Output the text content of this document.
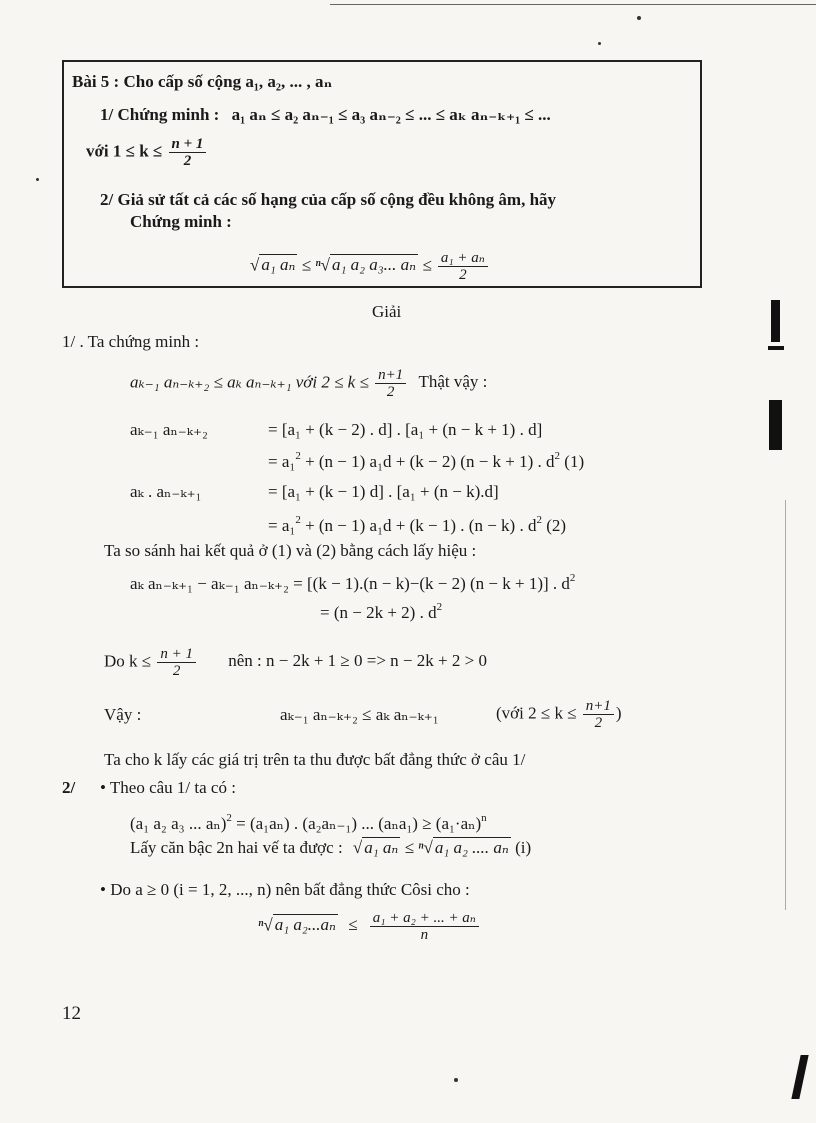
Bài 5 : Cho cấp số cộng a₁, a₂, ... , aₙ
1/ Chứng minh : a₁ aₙ ≤ a₂ aₙ₋₁ ≤ a₃ aₙ₋₂ ≤ ... ≤ aₖ aₙ₋ₖ₊₁ ≤ ...
với $1 \le k \le \frac{n + 1}{2}$
2/ Giả sử tất cả các số hạng của cấp số cộng đều không âm, hãy
Chứng minh :
√ a₁ aₙ ≤ ⁿ√ a₁ a₂ a₃... $a_n \le \frac{\text{a₁ + aₙ}}{2}$
Giải
1/ . Ta chứng minh :
aₖ₋₁ aₙ₋ₖ₊₂ ≤ aₖ aₙ₋ₖ₊₁ với $2 \le k \le \frac{n+1}{2}$ Thật vậy :
aₖ₋₁ aₙ₋ₖ₊₂	= [a₁ + (k − 2) . d] . [a₁ + (n − k + 1) . d]
= a₁$^2$ + (n − 1) a₁d + (k − 2) (n − k + 1) . $d^2$ (1)
aₖ . aₙ₋ₖ₊₁	= [a₁ + (k − 1) d] . [a₁ + (n − k).d]
= a₁$^2$ + (n − 1) a₁d + (k − 1) . (n − k) . $d^2$ (2)
Ta so sánh hai kết quả ở (1) và (2) bằng cách lấy hiệu :
aₖ aₙ₋ₖ₊₁ − aₖ₋₁ aₙ₋ₖ₊₂ = [(k − 1).(n − k)−(k − 2) (n − k + 1)] . $d^2$
= (n − 2k + 2) . $d^2$
Do $k \le \frac{n + 1}{2}$ nên : n − 2k + 1 ≥ 0 => n − 2k + 2 > 0
Vậy :	aₖ₋₁ aₙ₋ₖ₊₂ ≤ aₖ aₙ₋ₖ₊₁	(với $2 \le k \le \frac{n+1}{2}$ )
Ta cho k lấy các giá trị trên ta thu được bất đẳng thức ở câu 1/
2/ • Theo câu 1/ ta có :
(a₁ a₂ a₃ ... aₙ)$^2$ = (a₁aₙ) . (a₂aₙ₋₁) ... $(a_na_1) \ge (a_1\cdot a_n)^n$
Lấy căn bậc 2n hai vế ta được : √ a₁ aₙ ≤ ⁿ√ a₁ a₂ .... aₙ (i)
• Do a ≥ 0 (i = 1, 2, ..., n) nên bất đẳng thức Côsi cho :
ⁿ√ a₁ $a_2...a_n \le \frac{\text{a₁ + a₂ + ... + aₙ}}{n}$
12
